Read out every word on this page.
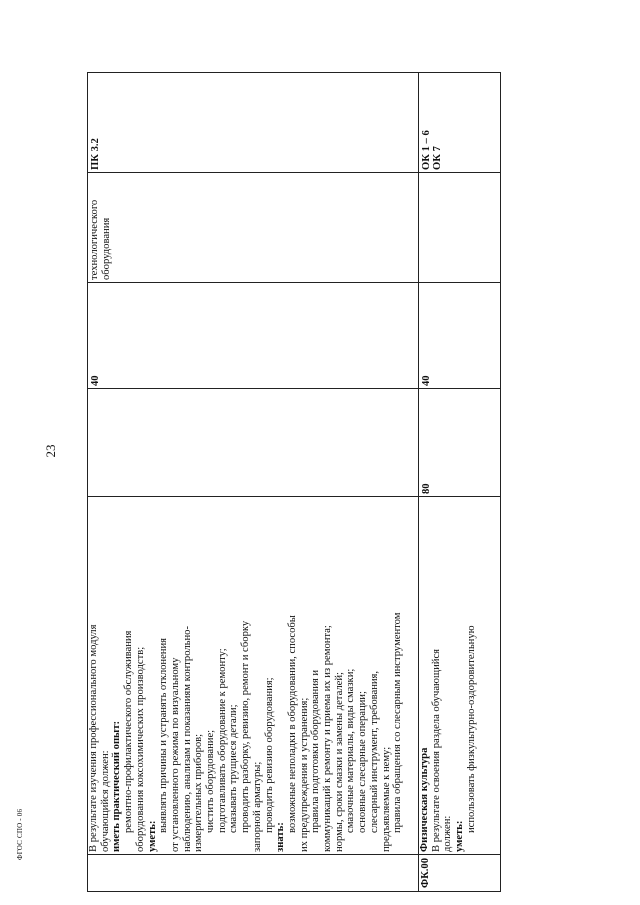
23
ФГОС СПО - 06	В результате изучения профессионального модуля обучающийся должен: иметь практический опыт: ремонтно-профилактического обслуживания оборудования коксохимических производств; уметь:
выявлять причины и устранять отклонения от установленного режима по визуальному наблюдению, анализам и показаниям контрольно- измерительных приборов; чистить оборудование; подготавливать оборудование к ремонту; смазывать трущиеся детали; проводить разборку, ревизию, ремонт и сборку запорной арматуры; проводить ревизию оборудования;
знать:
возможные неполадки в оборудовании, способы их предупреждения и устранения; правила подготовки оборудования и коммуникаций к ремонту и приема их из ремонта; нормы, сроки смазки и замены деталей; смазочные материалы, виды смазки; основные слесарные операции; слесарный инструмент, требования, предъявляемые к нему; правила обращения со слесарным инструментом
40
технологического оборудования
ПК 3.2
ФК.00
Физическая культура В результате освоения раздела обучающийся должен: уметь:
использовать физкультурно-оздоровительную
80
40
ОК 1 – 6
ОК 7
